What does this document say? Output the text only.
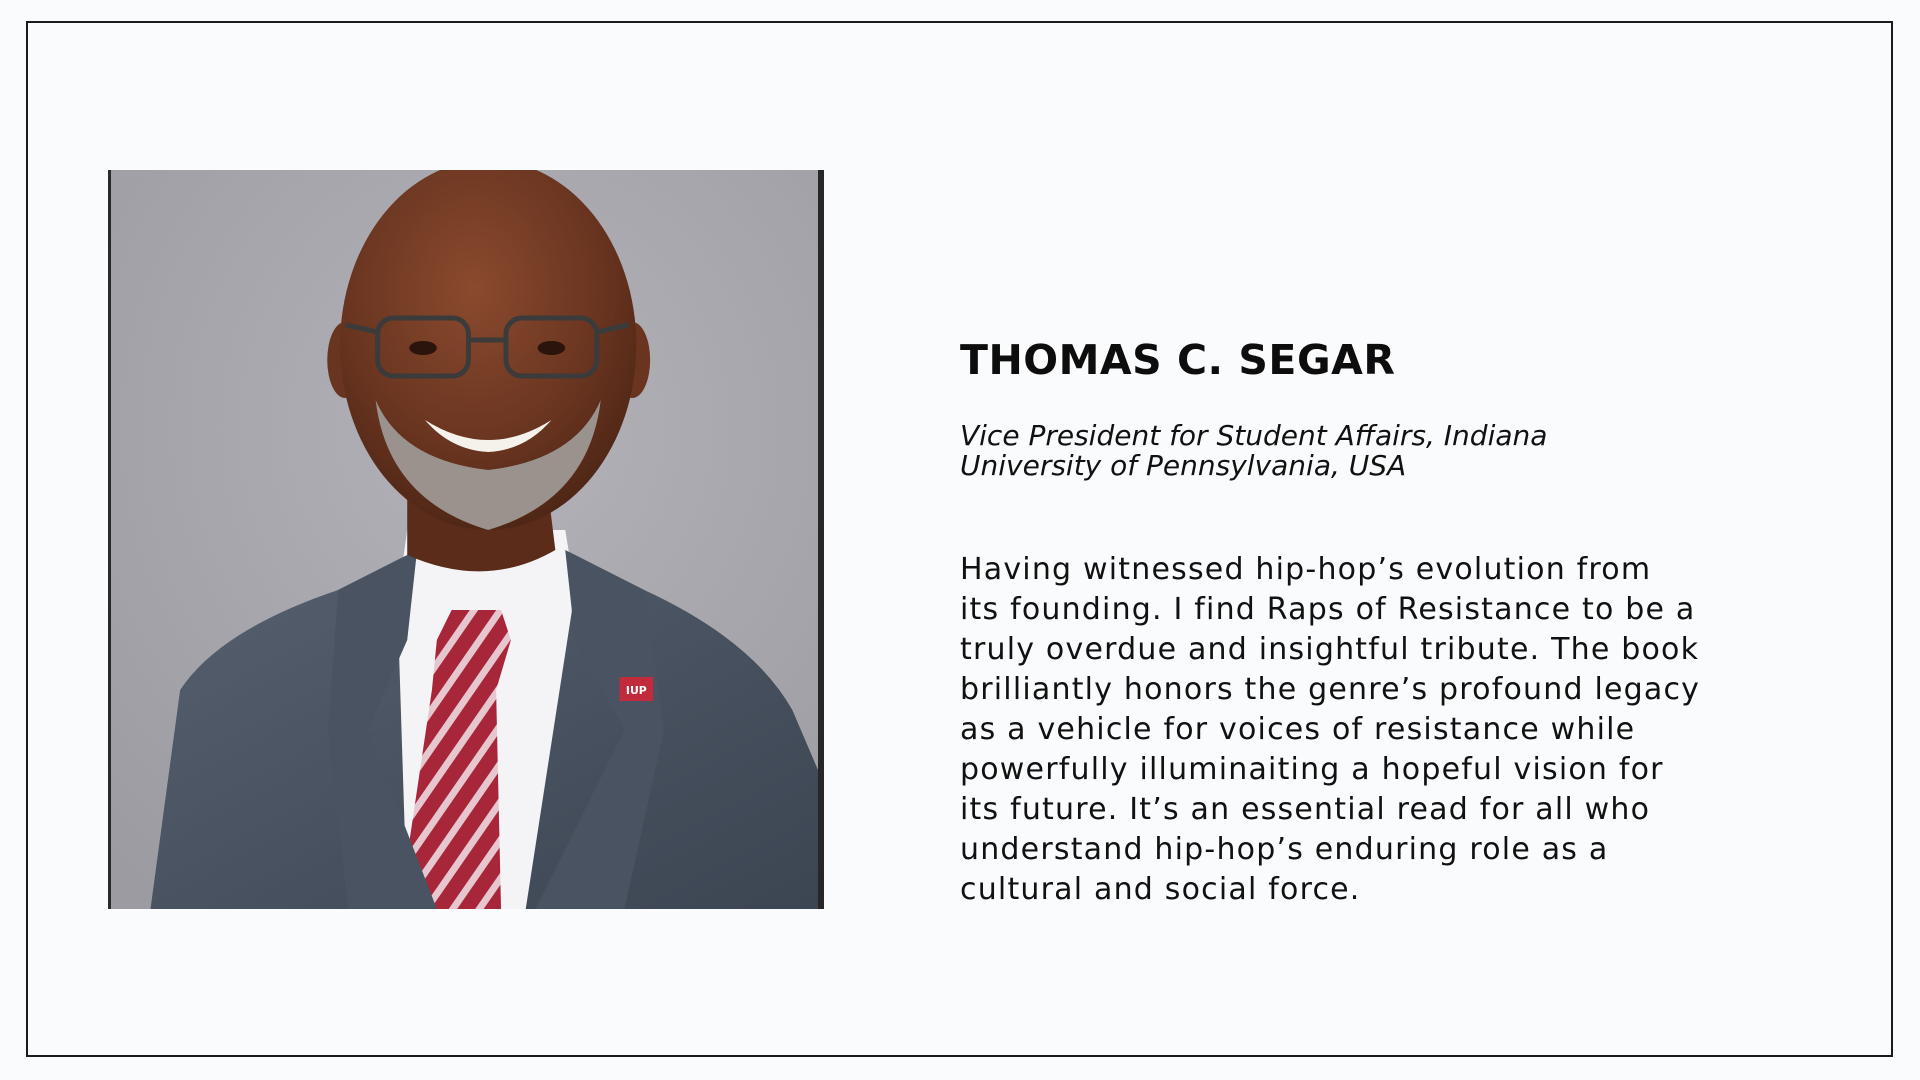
IUP
THOMAS C. SEGAR

Vice President for Student Affairs, Indiana
University of Pennsylvania, USA

Having witnessed hip-hop’s evolution from
its founding. I find Raps of Resistance to be a
truly overdue and insightful tribute. The book
brilliantly honors the genre’s profound legacy
as a vehicle for voices of resistance while
powerfully illuminaiting a hopeful vision for
its future. It’s an essential read for all who
understand hip-hop’s enduring role as a
cultural and social force.
